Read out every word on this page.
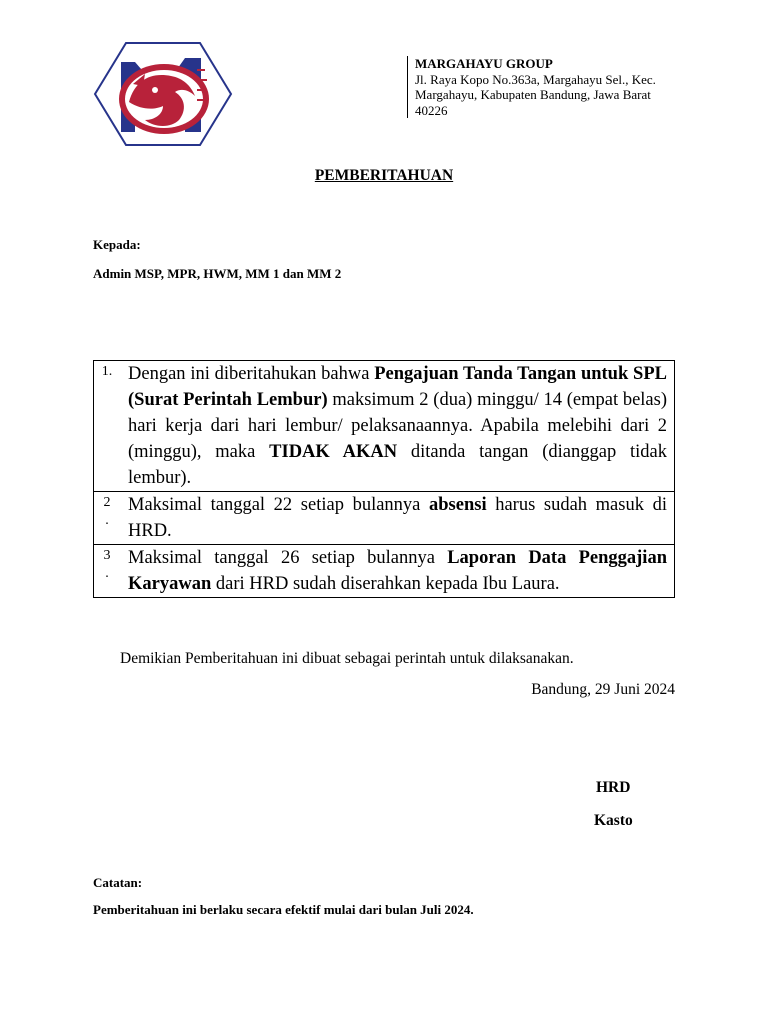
MARGAHAYU GROUP
Jl. Raya Kopo No.363a, Margahayu Sel., Kec.
Margahayu, Kabupaten Bandung, Jawa Barat
40226
PEMBERITAHUAN
Kepada:
Admin MSP, MPR, HWM, MM 1 dan MM 2
1.	Dengan ini diberitahukan bahwa Pengajuan Tanda Tangan untuk SPL (Surat Perintah Lembur) maksimum 2 (dua) minggu/ 14 (empat belas) hari kerja dari hari lembur/ pelaksanaannya. Apabila melebihi dari 2 (minggu), maka TIDAK AKAN ditanda tangan (dianggap tidak lembur).
2
.	Maksimal tanggal 22 setiap bulannya absensi harus sudah masuk di HRD.
3
.	Maksimal tanggal 26 setiap bulannya Laporan Data Penggajian Karyawan dari HRD sudah diserahkan kepada Ibu Laura.
Demikian Pemberitahuan ini dibuat sebagai perintah untuk dilaksanakan.
Bandung, 29 Juni 2024
HRD
Kasto
Catatan:
Pemberitahuan ini berlaku secara efektif mulai dari bulan Juli 2024.
